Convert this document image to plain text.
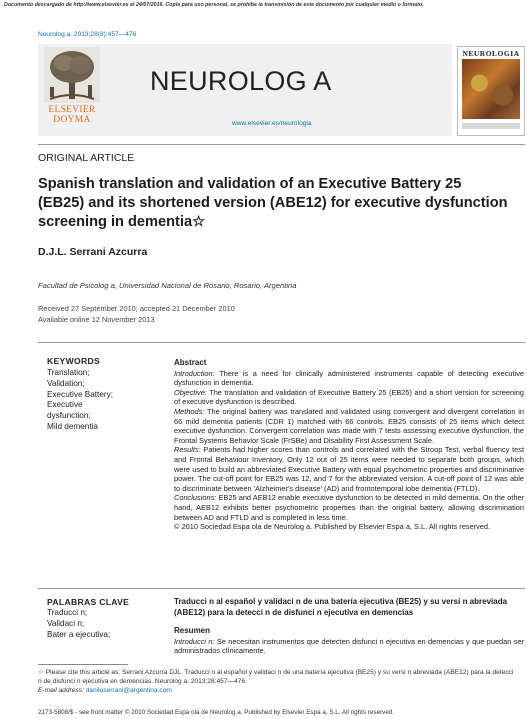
Documento descargado de http://www.elsevier.es el 24/07/2016. Copia para uso personal, se prohíbe la transmisión de este documento por cualquier medio o formato.
Neurolog a. 2013;28(8):457—476
ELSEVIER
DOYMA
NEUROLOG A
www.elsevier.es/neurologia
NEUROLOGIA
ORIGINAL ARTICLE
Spanish translation and validation of an Executive Battery 25 (EB25) and its shortened version (ABE12) for executive dysfunction screening in dementia☆
D.J.L. Serrani Azcurra
Facultad de Psicolog a, Universidad Nacional de Rosario, Rosario, Argentina
Received 27 September 2010; accepted 21 December 2010
Available online 12 November 2013
KEYWORDS
Translation;
Validation;
Executive Battery;
Executive
dysfunction;
Mild dementia
Abstract

Introduction: There is a need for clinically administered instruments capable of detecting executive dysfunction in dementia.

Objective: The translation and validation of Executive Battery 25 (EB25) and a short version for screening of executive dysfunction is described.

Methods: The original battery was translated and validated using convergent and divergent correlation in 66 mild dementia patients (CDR 1) matched with 66 controls. EB25 consists of 25 items which detect executive dysfunction. Convergent correlation was made with 7 tests assessing executive dysfunction, the Frontal Systems Behavior Scale (FrSBe) and Disability First Assessment Scale.

Results: Patients had higher scores than controls and correlated with the Stroop Test, verbal fluency test and Frontal Behaviour Inventory. Only 12 out of 25 items were needed to separate both groups, which were used to build an abbreviated Executive Battery with equal psychometric properties and discriminative power. The cut-off point for EB25 was 12, and 7 for the abbreviated version. A cut-off point of 12 was able to discriminate between 'Alzheimer's disease' (AD) and frontotemporal lobe dementia (FTLD).

Conclusions: EB25 and AEB12 enable executive dysfunction to be detected in mild dementia. On the other hand, AEB12 exhibits better psychometric properties than the original battery, allowing discrimination between AD and FTLD and is completed in less time.

© 2010 Sociedad Espa ola de Neurolog a. Published by Elsevier Espa a, S.L. All rights reserved.

PALABRAS CLAVE
Traducci n;
Validaci n;
Bater a ejecutiva;
Traducci n al español y validaci n de una batería ejecutiva (BE25) y su versi n abreviada (ABE12) para la detecci n de disfunci n ejecutiva en demencias
Resumen

Introducci n: Se necesitan instrumentos que detecten disfunci n ejecutiva en demencias y que puedan ser administrados clínicamente.

☆ Please cite this article as: Serrani Azcurra DJL. Traducci n al español y validaci n de una batería ejecutiva (BE25) y su versi n abreviada (ABE12) para la detecci n de disfunci n ejecutiva en demencias. Neurolog a. 2013;28:457—476.
E-mail address: daniloserrani@argentina.com
2173-5808/$ - see front matter © 2010 Sociedad Espa ola de Neurolog a. Published by Elsevier Espa a, S.L. All rights reserved.
